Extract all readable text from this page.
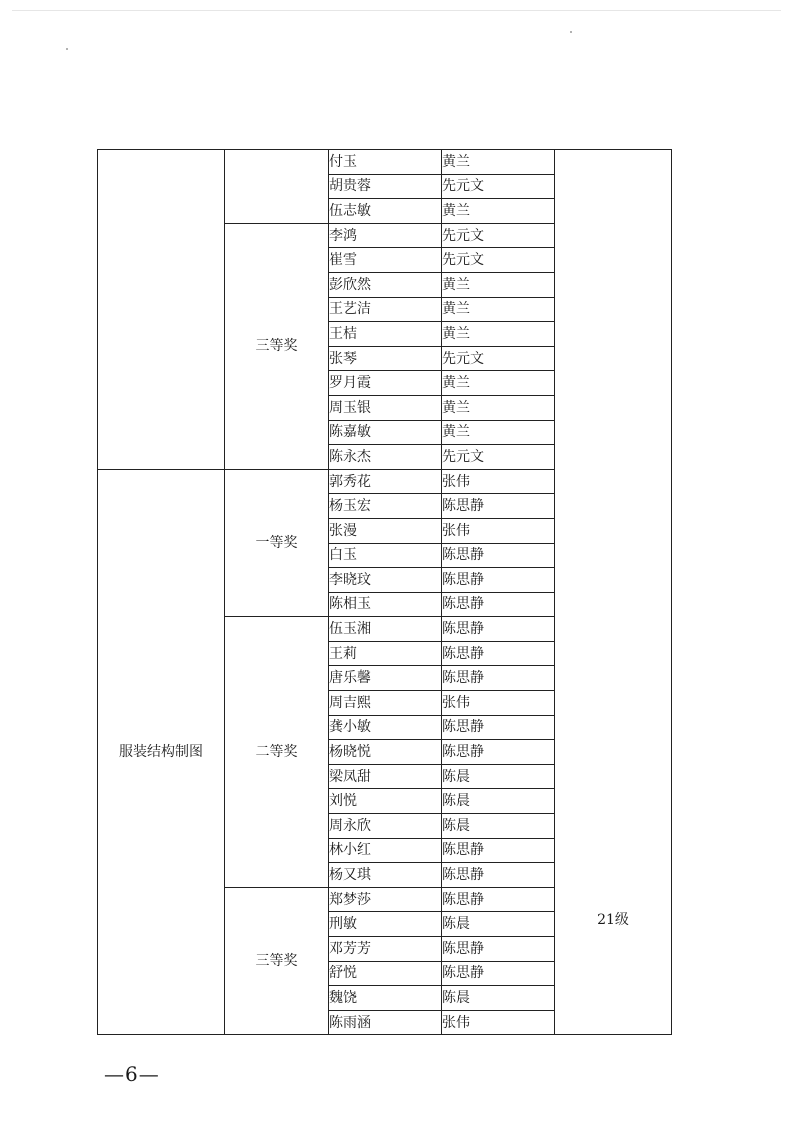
		付玉	黄兰	21级
		胡贵蓉	先元文	
		伍志敏	黄兰	
	三等奖	李鸿	先元文	
		崔雪	先元文	
		彭欣然	黄兰	
		王艺洁	黄兰	
		王桔	黄兰	
		张琴	先元文	
		罗月霞	黄兰	
		周玉银	黄兰	
		陈嘉敏	黄兰	
		陈永杰	先元文	
服装结构制图	一等奖	郭秀花	张伟	
		杨玉宏	陈思静	
		张漫	张伟	
		白玉	陈思静	
		李晓玟	陈思静	
		陈相玉	陈思静	
	二等奖	伍玉湘	陈思静	
		王莉	陈思静	
		唐乐馨	陈思静	
		周吉熙	张伟	
		龚小敏	陈思静	
		杨晓悦	陈思静	
		梁凤甜	陈晨	
		刘悦	陈晨	
		周永欣	陈晨	
		林小红	陈思静	
		杨又琪	陈思静	
	三等奖	郑梦莎	陈思静	
		刑敏	陈晨	
		邓芳芳	陈思静	
		舒悦	陈思静	
		魏饶	陈晨	
		陈雨涵	张伟	
—6—
